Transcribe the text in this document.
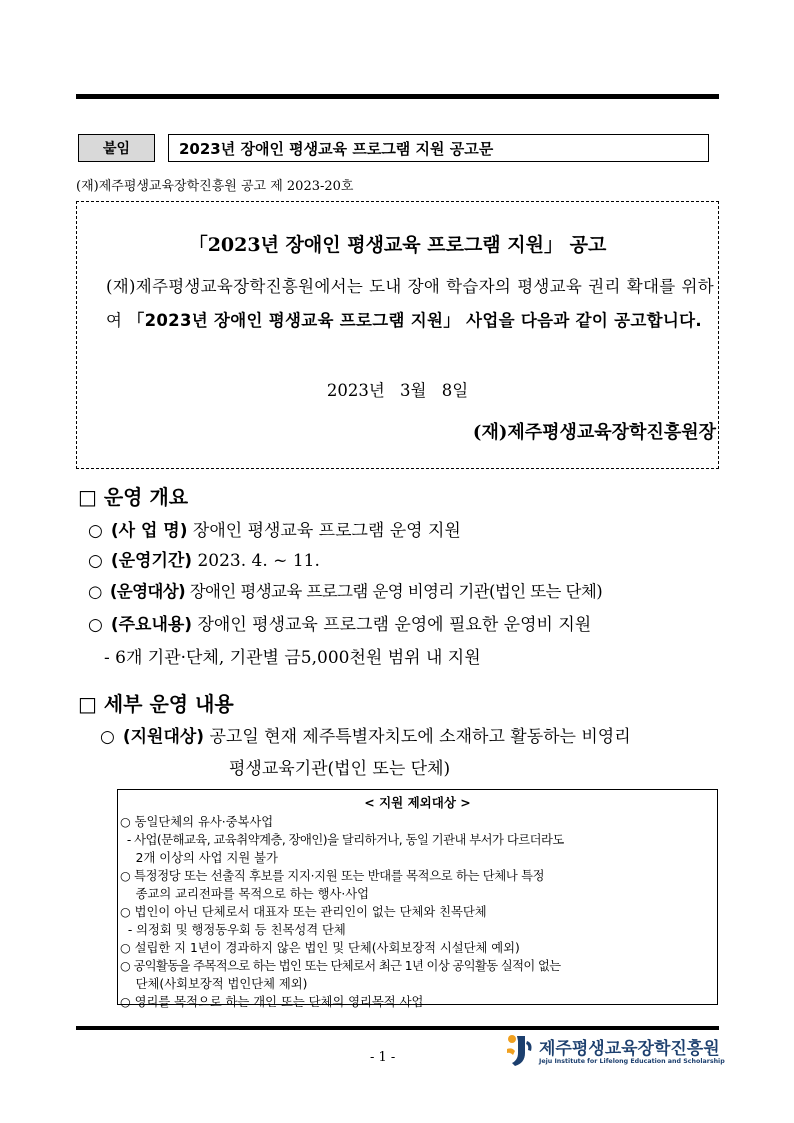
붙임	2023년 장애인 평생교육 프로그램 지원 공고문
(재)제주평생교육장학진흥원 공고 제 2023-20호
「2023년 장애인 평생교육 프로그램 지원」 공고
(재)제주평생교육장학진흥원에서는 도내 장애 학습자의 평생교육 권리 확대를 위하여 「2023년 장애인 평생교육 프로그램 지원」 사업을 다음과 같이 공고합니다.
2023년 3월 8일
(재)제주평생교육장학진흥원장
□ 운영 개요
○ (사 업 명) 장애인 평생교육 프로그램 운영 지원
○ (운영기간) 2023. 4. ~ 11.
○ (운영대상) 장애인 평생교육 프로그램 운영 비영리 기관(법인 또는 단체)
○ (주요내용) 장애인 평생교육 프로그램 운영에 필요한 운영비 지원
- 6개 기관·단체, 기관별 금5,000천원 범위 내 지원
□ 세부 운영 내용
○ (지원대상) 공고일 현재 제주특별자치도에 소재하고 활동하는 비영리
평생교육기관(법인 또는 단체)
< 지원 제외대상 >
○ 동일단체의 유사·중복사업
- 사업(문해교육, 교육취약계층, 장애인)을 달리하거나, 동일 기관내 부서가 다르더라도
2개 이상의 사업 지원 불가
○ 특정정당 또는 선출직 후보를 지지·지원 또는 반대를 목적으로 하는 단체나 특정
종교의 교리전파를 목적으로 하는 행사·사업
○ 법인이 아닌 단체로서 대표자 또는 관리인이 없는 단체와 친목단체
- 의정회 및 행정동우회 등 친목성격 단체
○ 설립한 지 1년이 경과하지 않은 법인 및 단체(사회보장적 시설단체 예외)
○ 공익활동을 주목적으로 하는 법인 또는 단체로서 최근 1년 이상 공익활동 실적이 없는
단체(사회보장적 법인단체 제외)
○ 영리를 목적으로 하는 개인 또는 단체의 영리목적 사업
- 1 -	제주평생교육장학진흥원
Jeju Institute for Lifelong Education and Scholarship
